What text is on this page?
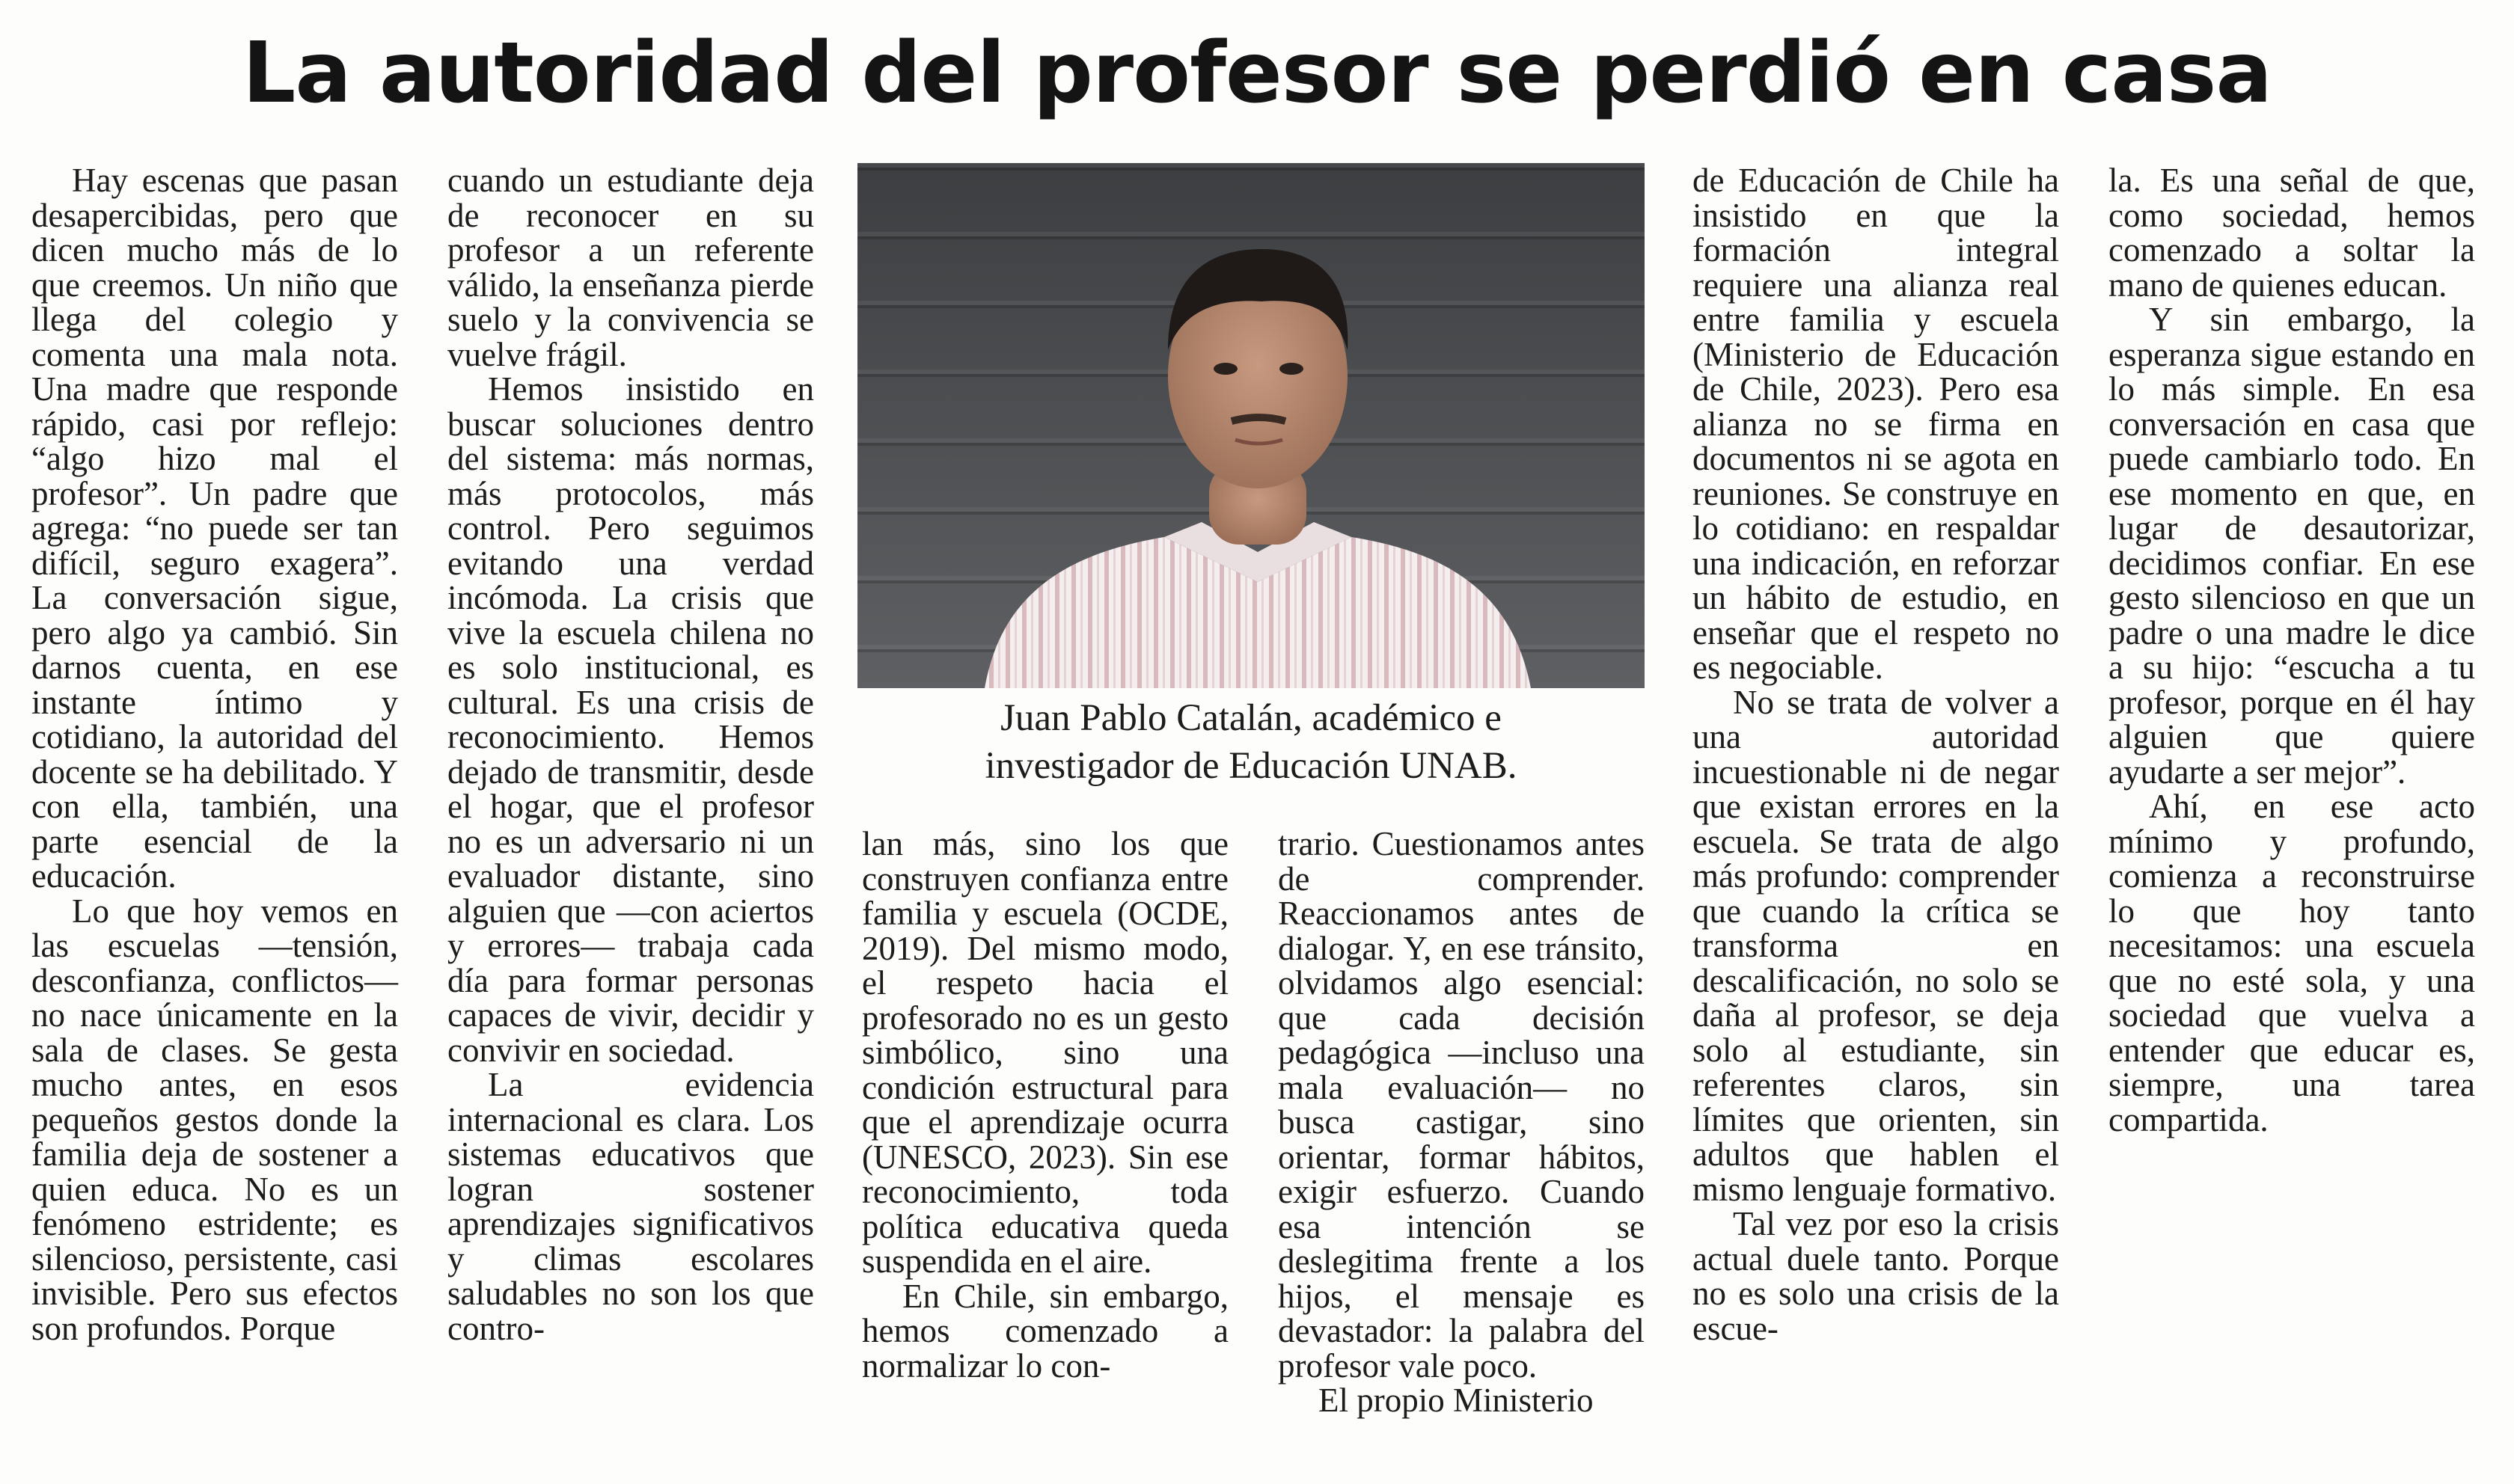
La autoridad del profesor se perdió en casa

Hay escenas que pasan desapercibidas, pero que dicen mucho más de lo que creemos. Un niño que llega del colegio y comenta una mala nota. Una madre que responde rápido, casi por reflejo: “algo hizo mal el profesor”. Un padre que agrega: “no puede ser tan difícil, seguro exagera”. La conversación sigue, pero algo ya cambió. Sin darnos cuenta, en ese instante íntimo y cotidiano, la autoridad del docente se ha debilitado. Y con ella, también, una parte esencial de la educación.

Lo que hoy vemos en las escuelas —tensión, desconfianza, conflictos— no nace únicamente en la sala de clases. Se gesta mucho antes, en esos pequeños gestos donde la familia deja de sostener a quien educa. No es un fenómeno estridente; es silencioso, persistente, casi invisible. Pero sus efectos son profundos. Porque

cuando un estudiante deja de reconocer en su profesor a un referente válido, la enseñanza pierde suelo y la convivencia se vuelve frágil.

Hemos insistido en buscar soluciones dentro del sistema: más normas, más protocolos, más control. Pero seguimos evitando una verdad incómoda. La crisis que vive la escuela chilena no es solo institucional, es cultural. Es una crisis de reconocimiento. Hemos dejado de transmitir, desde el hogar, que el profesor no es un adversario ni un evaluador distante, sino alguien que —con aciertos y errores— trabaja cada día para formar personas capaces de vivir, decidir y convivir en sociedad.

La evidencia internacional es clara. Los sistemas educativos que logran sostener aprendizajes significativos y climas escolares saludables no son los que contro-

Juan Pablo Catalán, académico e
investigador de Educación UNAB.

lan más, sino los que construyen confianza entre familia y escuela (OCDE, 2019). Del mismo modo, el respeto hacia el profesorado no es un gesto simbólico, sino una condición estructural para que el aprendizaje ocurra (UNESCO, 2023). Sin ese reconocimiento, toda política educativa queda suspendida en el aire.

En Chile, sin embargo, hemos comenzado a normalizar lo con-

trario. Cuestionamos antes de comprender. Reaccionamos antes de dialogar. Y, en ese tránsito, olvidamos algo esencial: que cada decisión pedagógica —incluso una mala evaluación— no busca castigar, sino orientar, formar hábitos, exigir esfuerzo. Cuando esa intención se deslegitima frente a los hijos, el mensaje es devastador: la palabra del profesor vale poco.

El propio Ministerio

de Educación de Chile ha insistido en que la formación integral requiere una alianza real entre familia y escuela (Ministerio de Educación de Chile, 2023). Pero esa alianza no se firma en documentos ni se agota en reuniones. Se construye en lo cotidiano: en respaldar una indicación, en reforzar un hábito de estudio, en enseñar que el respeto no es negociable.

No se trata de volver a una autoridad incuestionable ni de negar que existan errores en la escuela. Se trata de algo más profundo: comprender que cuando la crítica se transforma en descalificación, no solo se daña al profesor, se deja solo al estudiante, sin referentes claros, sin límites que orienten, sin adultos que hablen el mismo lenguaje formativo.

Tal vez por eso la crisis actual duele tanto. Porque no es solo una crisis de la escue-

la. Es una señal de que, como sociedad, hemos comenzado a soltar la mano de quienes educan.

Y sin embargo, la esperanza sigue estando en lo más simple. En esa conversación en casa que puede cambiarlo todo. En ese momento en que, en lugar de desautorizar, decidimos confiar. En ese gesto silencioso en que un padre o una madre le dice a su hijo: “escucha a tu profesor, porque en él hay alguien que quiere ayudarte a ser mejor”.

Ahí, en ese acto mínimo y profundo, comienza a reconstruirse lo que hoy tanto necesitamos: una escuela que no esté sola, y una sociedad que vuelva a entender que educar es, siempre, una tarea compartida.
